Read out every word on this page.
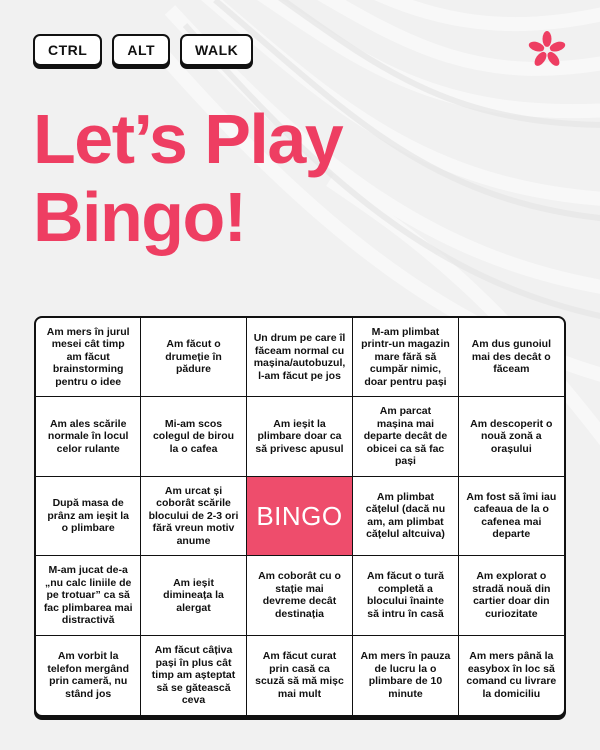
CTRL	ALT	WALK
Let’s Play
Bingo!
Am mers în jurul mesei cât timp am făcut brainstorming pentru o idee
Am făcut o drumeție în pădure
Un drum pe care îl făceam normal cu mașina/autobuzul, l-am făcut pe jos
M-am plimbat printr-un magazin mare fără să cumpăr nimic, doar pentru pași
Am dus gunoiul mai des decât o făceam
Am ales scările normale în locul celor rulante
Mi-am scos colegul de birou la o cafea
Am ieșit la plimbare doar ca să privesc apusul
Am parcat mașina mai departe decât de obicei ca să fac pași
Am descoperit o nouă zonă a orașului
După masa de prânz am ieșit la o plimbare
Am urcat și coborât scările blocului de 2-3 ori fără vreun motiv anume
BINGO
Am plimbat cățelul (dacă nu am, am plimbat cățelul altcuiva)
Am fost să îmi iau cafeaua de la o cafenea mai departe
M-am jucat de-a „nu calc liniile de pe trotuar” ca să fac plimbarea mai distractivă
Am ieșit dimineața la alergat
Am coborât cu o stație mai devreme decât destinația
Am făcut o tură completă a blocului înainte să intru în casă
Am explorat o stradă nouă din cartier doar din curiozitate
Am vorbit la telefon mergând prin cameră, nu stând jos
Am făcut câțiva pași în plus cât timp am așteptat să se gătească ceva
Am făcut curat prin casă ca scuză să mă mișc mai mult
Am mers în pauza de lucru la o plimbare de 10 minute
Am mers până la easybox în loc să comand cu livrare la domiciliu
